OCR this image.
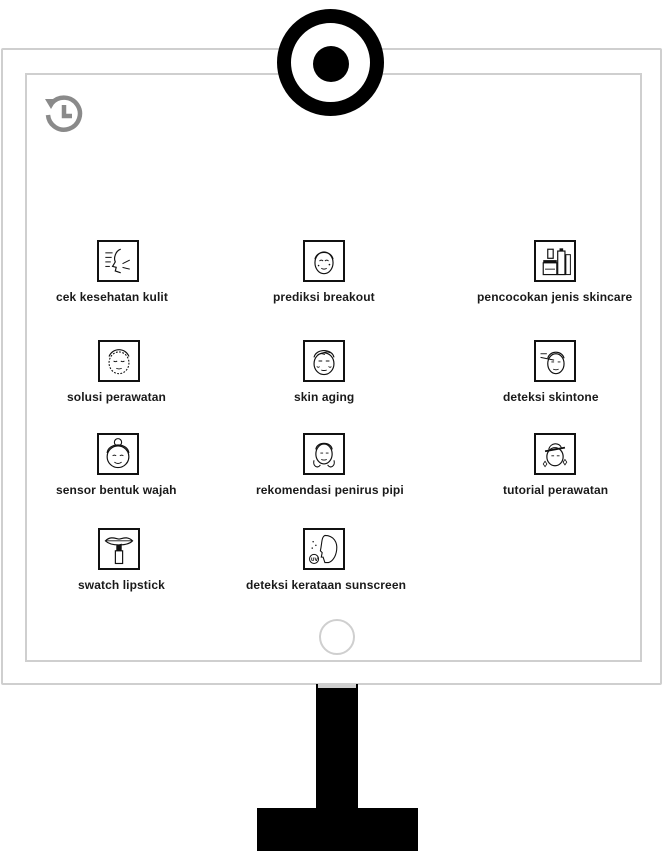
cek kesehatan kulit	prediksi breakout	pencocokan jenis skincare
solusi perawatan	skin aging	deteksi skintone
sensor bentuk wajah	rekomendasi penirus pipi	tutorial perawatan
swatch lipstick
UV
deteksi kerataan sunscreen
